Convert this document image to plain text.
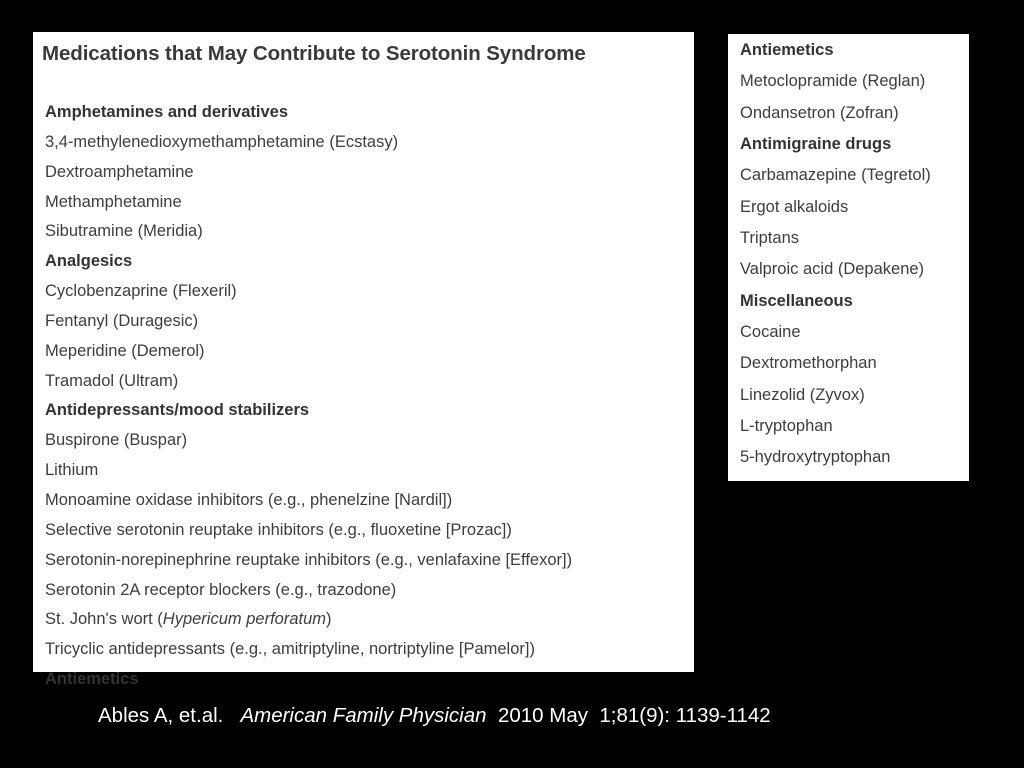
Medications that May Contribute to Serotonin Syndrome
Amphetamines and derivatives
3,4-methylenedioxymethamphetamine (Ecstasy)
Dextroamphetamine
Methamphetamine
Sibutramine (Meridia)
Analgesics
Cyclobenzaprine (Flexeril)
Fentanyl (Duragesic)
Meperidine (Demerol)
Tramadol (Ultram)
Antidepressants/mood stabilizers
Buspirone (Buspar)
Lithium
Monoamine oxidase inhibitors (e.g., phenelzine [Nardil])
Selective serotonin reuptake inhibitors (e.g., fluoxetine [Prozac])
Serotonin-norepinephrine reuptake inhibitors (e.g., venlafaxine [Effexor])
Serotonin 2A receptor blockers (e.g., trazodone)
St. John's wort (Hypericum perforatum)
Tricyclic antidepressants (e.g., amitriptyline, nortriptyline [Pamelor])
Antiemetics
Antiemetics
Metoclopramide (Reglan)
Ondansetron (Zofran)
Antimigraine drugs
Carbamazepine (Tegretol)
Ergot alkaloids
Triptans
Valproic acid (Depakene)
Miscellaneous
Cocaine
Dextromethorphan
Linezolid (Zyvox)
L-tryptophan
5-hydroxytryptophan

Ables A, et.al. American Family Physician 2010 May  1;81(9): 1139-1142
